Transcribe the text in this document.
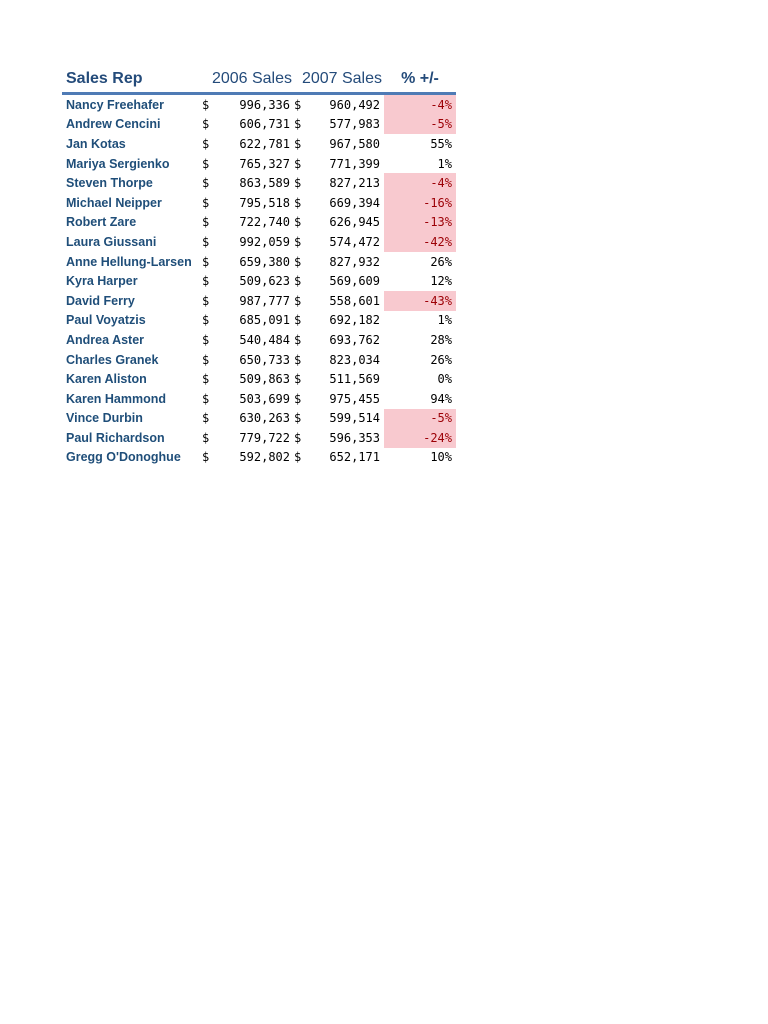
Sales Rep	2006 Sales		2007 Sales		% +/-
Nancy Freehafer	$	996,336	$	960,492	-4%
Andrew Cencini	$	606,731	$	577,983	-5%
Jan Kotas	$	622,781	$	967,580	55%
Mariya Sergienko	$	765,327	$	771,399	1%
Steven Thorpe	$	863,589	$	827,213	-4%
Michael Neipper	$	795,518	$	669,394	-16%
Robert Zare	$	722,740	$	626,945	-13%
Laura Giussani	$	992,059	$	574,472	-42%
Anne Hellung-Larsen	$	659,380	$	827,932	26%
Kyra Harper	$	509,623	$	569,609	12%
David Ferry	$	987,777	$	558,601	-43%
Paul Voyatzis	$	685,091	$	692,182	1%
Andrea Aster	$	540,484	$	693,762	28%
Charles Granek	$	650,733	$	823,034	26%
Karen Aliston	$	509,863	$	511,569	0%
Karen Hammond	$	503,699	$	975,455	94%
Vince Durbin	$	630,263	$	599,514	-5%
Paul Richardson	$	779,722	$	596,353	-24%
Gregg O'Donoghue	$	592,802	$	652,171	10%
